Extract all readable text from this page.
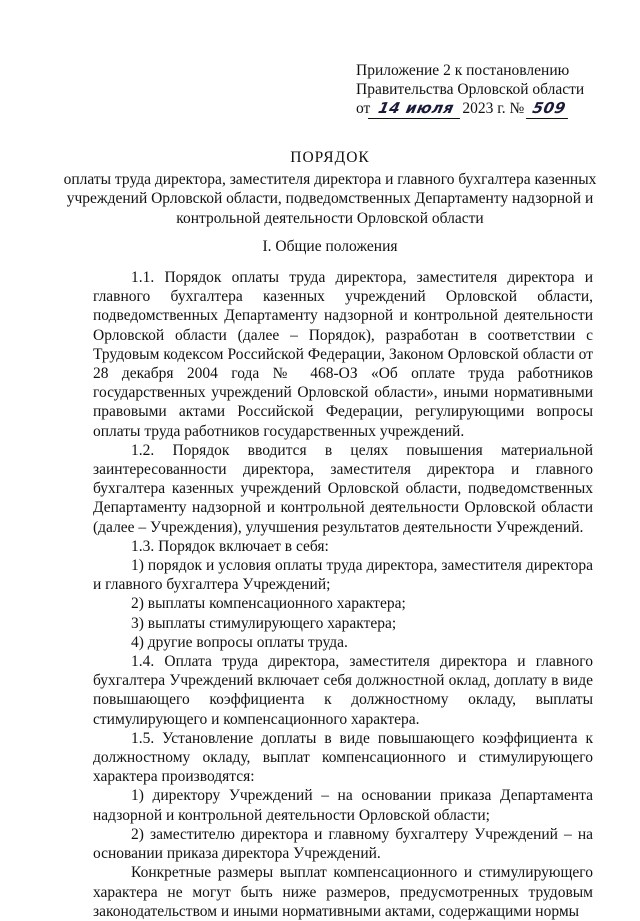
Приложение 2 к постановлению
Правительства Орловской области
от 14 июля 2023 г. № 509
ПОРЯДОК
оплаты труда директора, заместителя директора и главного бухгалтера казенных учреждений Орловской области, подведомственных Департаменту надзорной и контрольной деятельности Орловской области
I. Общие положения

1.1. Порядок оплаты труда директора, заместителя директора и главного бухгалтера казенных учреждений Орловской области, подведомственных Департаменту надзорной и контрольной деятельности Орловской области (далее – Порядок), разработан в соответствии с Трудовым кодексом Российской Федерации, Законом Орловской области от 28 декабря 2004 года № 468-ОЗ «Об оплате труда работников государственных учреждений Орловской области», иными нормативными правовыми актами Российской Федерации, регулирующими вопросы оплаты труда работников государственных учреждений.

1.2. Порядок вводится в целях повышения материальной заинтересованности директора, заместителя директора и главного бухгалтера казенных учреждений Орловской области, подведомственных Департаменту надзорной и контрольной деятельности Орловской области (далее – Учреждения), улучшения результатов деятельности Учреждений.

1.3. Порядок включает в себя:

1) порядок и условия оплаты труда директора, заместителя директора и главного бухгалтера Учреждений;

2) выплаты компенсационного характера;

3) выплаты стимулирующего характера;

4) другие вопросы оплаты труда.

1.4. Оплата труда директора, заместителя директора и главного бухгалтера Учреждений включает себя должностной оклад, доплату в виде повышающего коэффициента к должностному окладу, выплаты стимулирующего и компенсационного характера.

1.5. Установление доплаты в виде повышающего коэффициента к должностному окладу, выплат компенсационного и стимулирующего характера производятся:

1) директору Учреждений – на основании приказа Департамента надзорной и контрольной деятельности Орловской области;

2) заместителю директора и главному бухгалтеру Учреждений – на основании приказа директора Учреждений.

Конкретные размеры выплат компенсационного и стимулирующего характера не могут быть ниже размеров, предусмотренных трудовым законодательством и иными нормативными актами, содержащими нормы
